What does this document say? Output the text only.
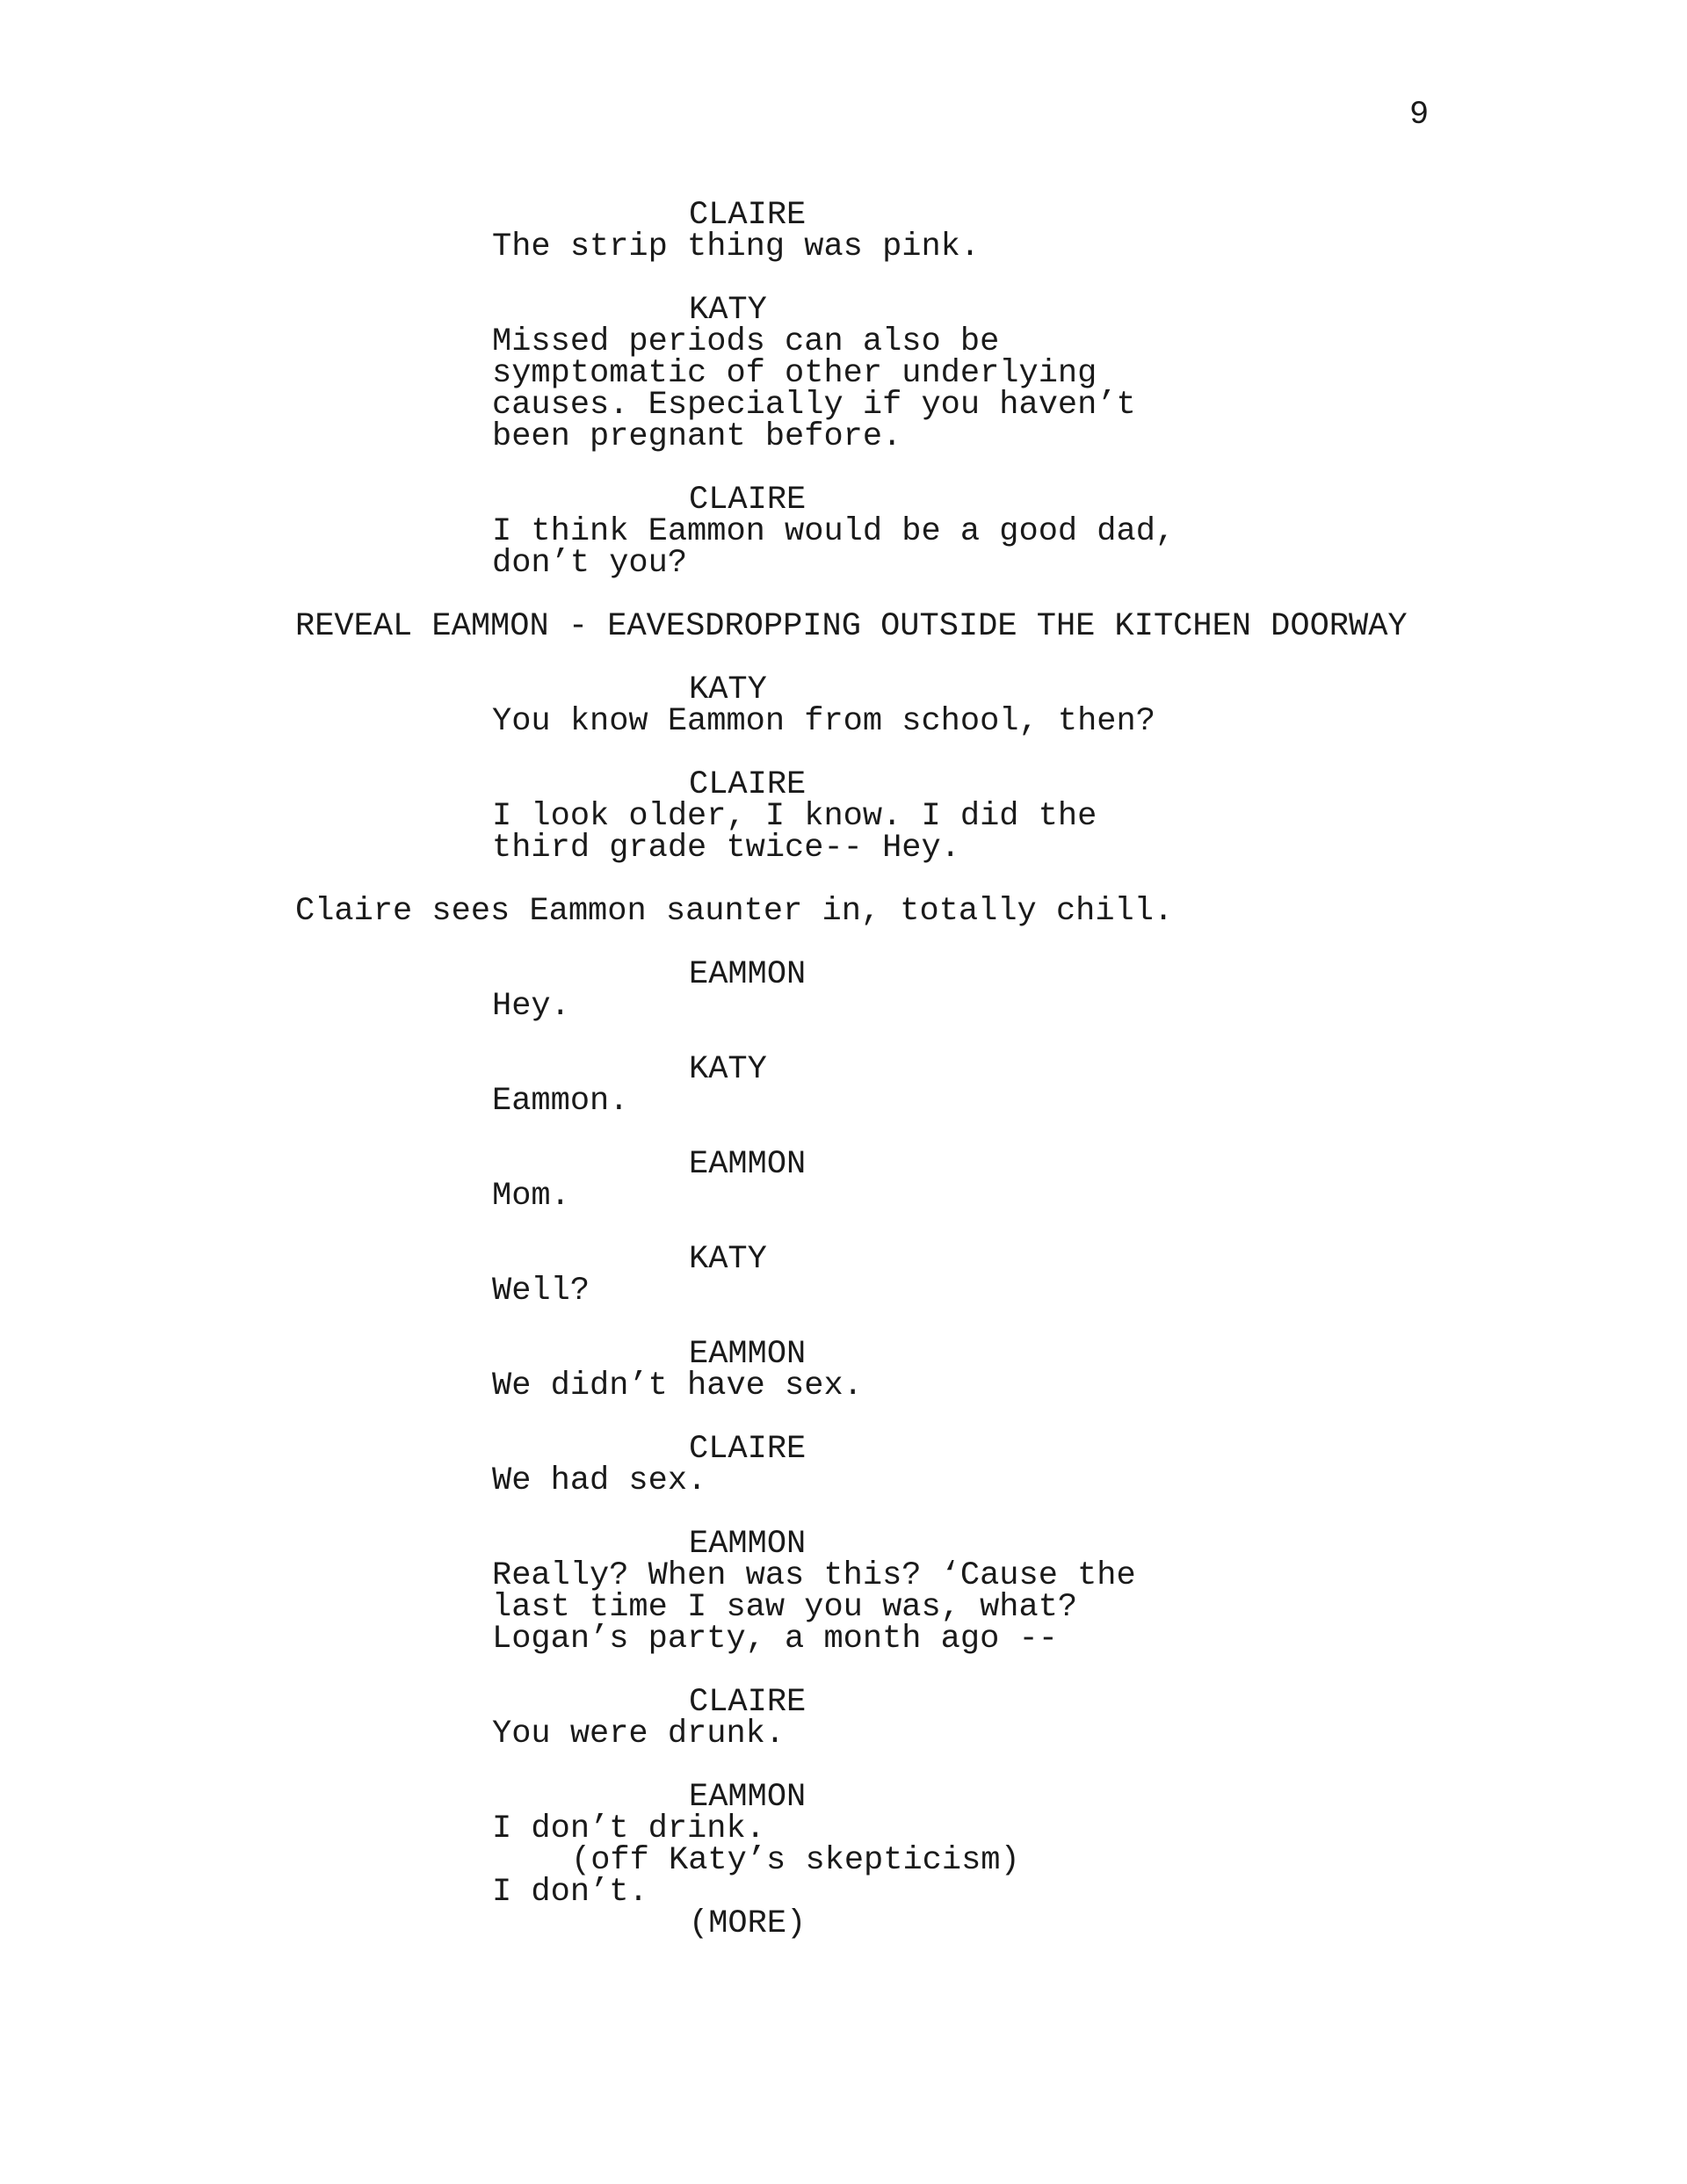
9
CLAIRE
The strip thing was pink.
KATY
Missed periods can also be
symptomatic of other underlying
causes. Especially if you haven’t
been pregnant before.
CLAIRE
I think Eammon would be a good dad,
don’t you?
REVEAL EAMMON - EAVESDROPPING OUTSIDE THE KITCHEN DOORWAY
KATY
You know Eammon from school, then?
CLAIRE
I look older, I know. I did the
third grade twice-- Hey.
Claire sees Eammon saunter in, totally chill.
EAMMON
Hey.
KATY
Eammon.
EAMMON
Mom.
KATY
Well?
EAMMON
We didn’t have sex.
CLAIRE
We had sex.
EAMMON
Really? When was this? ‘Cause the
last time I saw you was, what?
Logan’s party, a month ago --
CLAIRE
You were drunk.
EAMMON
I don’t drink.
(off Katy’s skepticism)
I don’t.
(MORE)
